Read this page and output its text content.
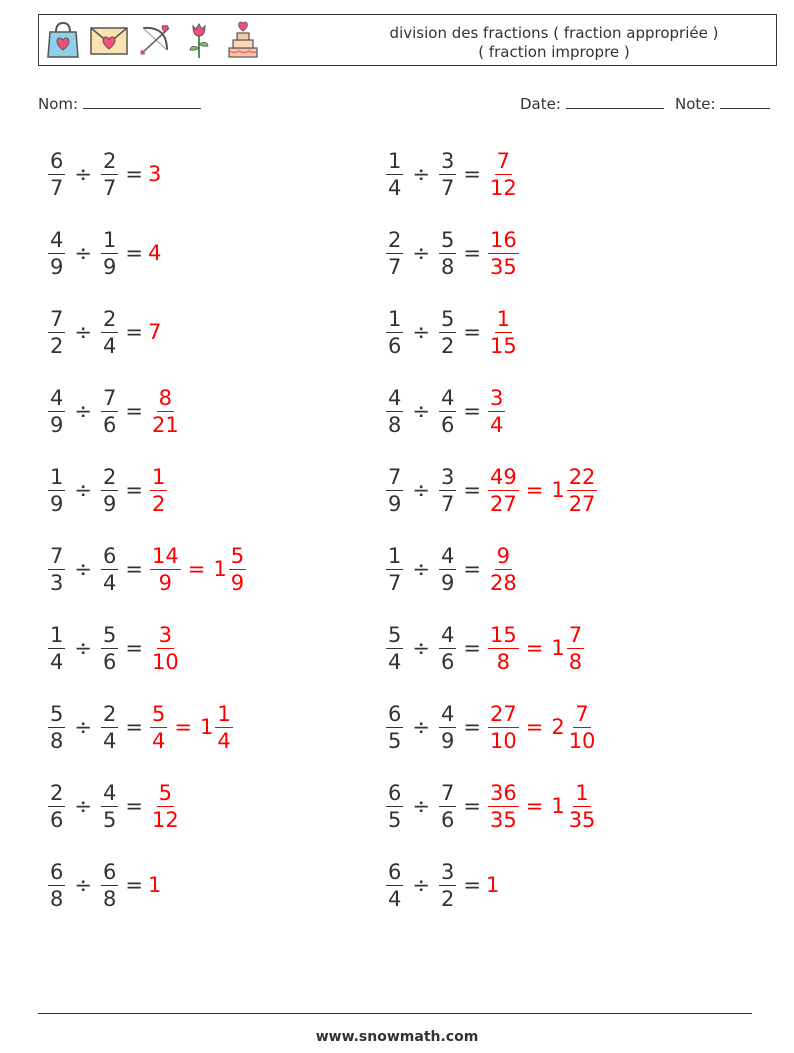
division des fractions ( fraction appropriée )
( fraction impropre )
Nom:	Date:	Note:
$\frac{6}{7} \div \frac{2}{7} = 3$	$\frac{1}{4} \div \frac{3}{7} = \frac{7}{12}$
$\frac{4}{9} \div \frac{1}{9} = 4$	$\frac{2}{7} \div \frac{5}{8} = \frac{16}{35}$
$\frac{7}{2} \div \frac{2}{4} = 7$	$\frac{1}{6} \div \frac{5}{2} = \frac{1}{15}$
$\frac{4}{9} \div \frac{7}{6} = \frac{8}{21}$	$\frac{4}{8} \div \frac{4}{6} = \frac{3}{4}$
$\frac{1}{9} \div \frac{2}{9} = \frac{1}{2}$	$\frac{7}{9} \div \frac{3}{7} = \frac{49}{27} = 1 \frac{22}{27}$
$\frac{7}{3} \div \frac{6}{4} = \frac{14}{9} = 1 \frac{5}{9}$	$\frac{1}{7} \div \frac{4}{9} = \frac{9}{28}$
$\frac{1}{4} \div \frac{5}{6} = \frac{3}{10}$	$\frac{5}{4} \div \frac{4}{6} = \frac{15}{8} = 1 \frac{7}{8}$
$\frac{5}{8} \div \frac{2}{4} = \frac{5}{4} = 1 \frac{1}{4}$	$\frac{6}{5} \div \frac{4}{9} = \frac{27}{10} = 2 \frac{7}{10}$
$\frac{2}{6} \div \frac{4}{5} = \frac{5}{12}$	$\frac{6}{5} \div \frac{7}{6} = \frac{36}{35} = 1 \frac{1}{35}$
$\frac{6}{8} \div \frac{6}{8} = 1$	$\frac{6}{4} \div \frac{3}{2} = 1$
www.snowmath.com
